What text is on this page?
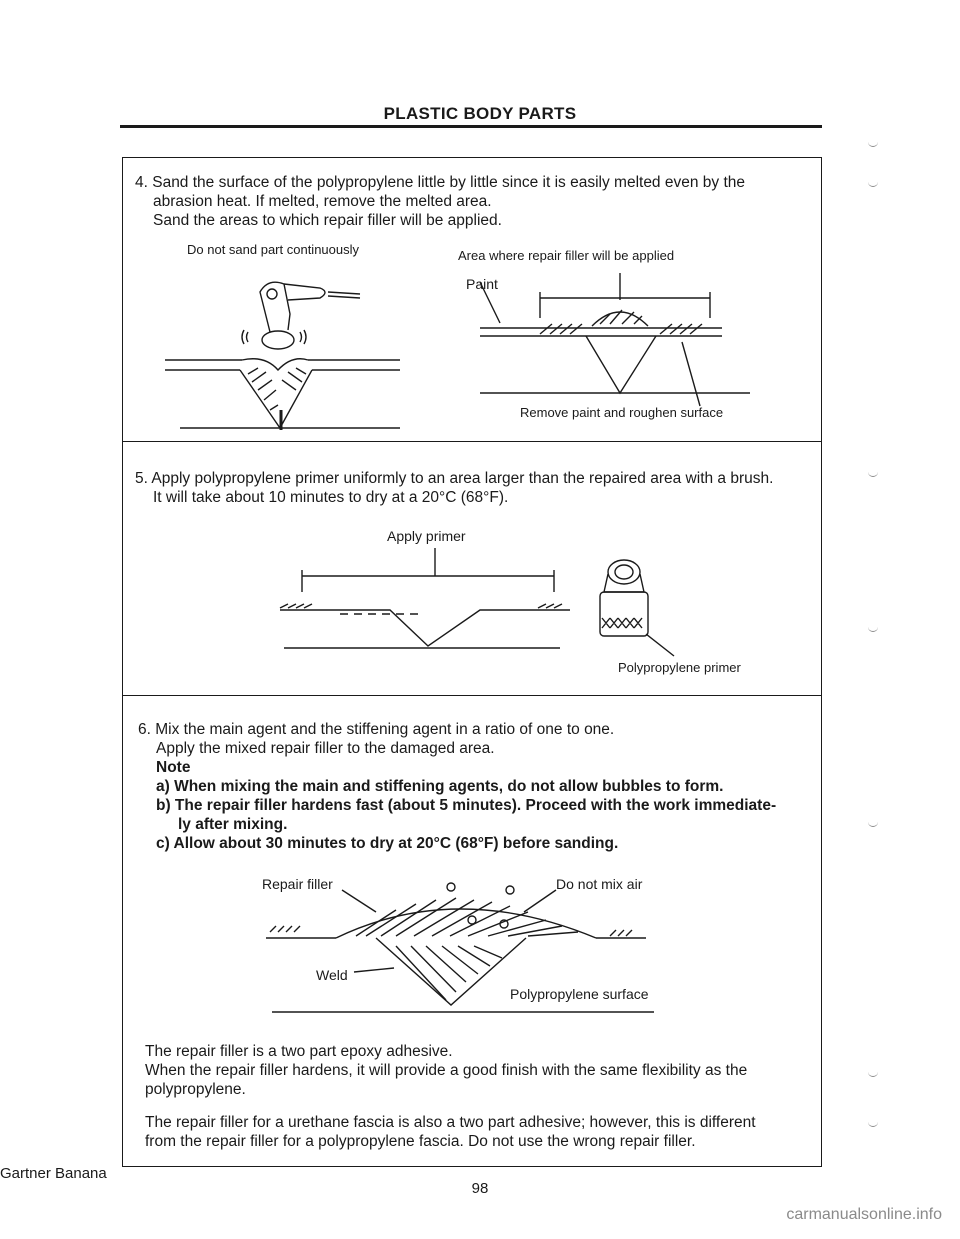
PLASTIC BODY PARTS
4. Sand the surface of the polypropylene little by little since it is easily melted even by the
abrasion heat. If melted, remove the melted area.
Sand the areas to which repair filler will be applied.
Do not sand part continuously	Area where repair filler will be applied
Paint
Remove paint and roughen surface
5. Apply polypropylene primer uniformly to an area larger than the repaired area with a brush.
It will take about 10 minutes to dry at a 20°C (68°F).
Apply primer
Polypropylene primer
6. Mix the main agent and the stiffening agent in a ratio of one to one.
Apply the mixed repair filler to the damaged area.
Note
a) When mixing the main and stiffening agents, do not allow bubbles to form.
b) The repair filler hardens fast (about 5 minutes). Proceed with the work immediate-
ly after mixing.
c) Allow about 30 minutes to dry at 20°C (68°F) before sanding.
Repair filler	Do not mix air
Weld
Polypropylene surface
The repair filler is a two part epoxy adhesive.
When the repair filler hardens, it will provide a good finish with the same flexibility as the
polypropylene.
The repair filler for a urethane fascia is also a two part adhesive; however, this is different
from the repair filler for a polypropylene fascia. Do not use the wrong repair filler.
Gartner Banana
98
carmanualsonline.info
